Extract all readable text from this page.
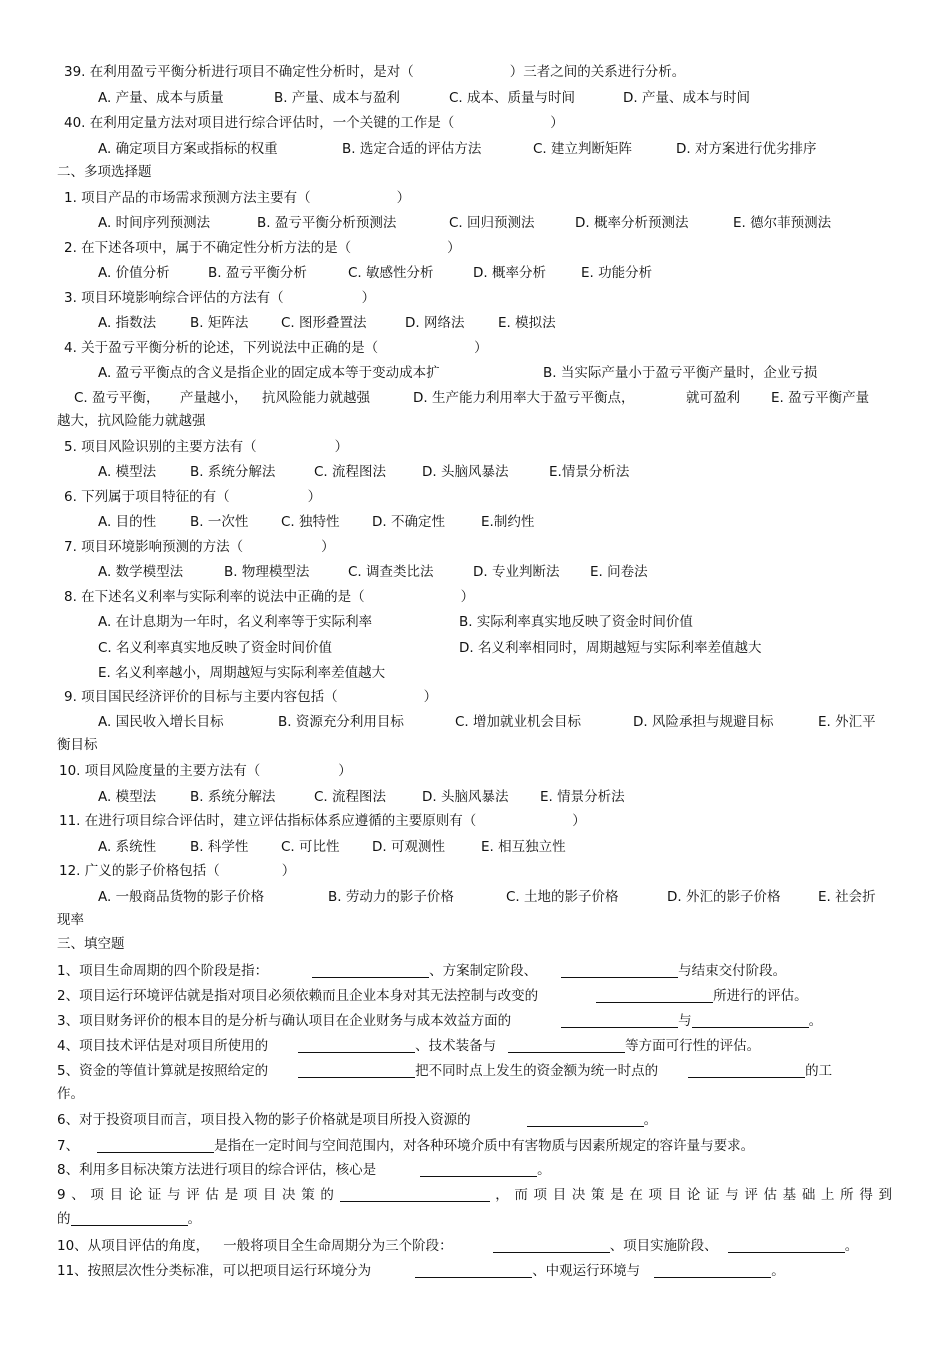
39. 在利用盈亏平衡分析进行项目不确定性分析时，是对（	）三者之间的关系进行分析。
A. 产量、成本与质量	B. 产量、成本与盈利	C. 成本、质量与时间	D. 产量、成本与时间
40. 在利用定量方法对项目进行综合评估时，一个关键的工作是（	）
A. 确定项目方案或指标的权重	B. 选定合适的评估方法	C. 建立判断矩阵	D. 对方案进行优劣排序
二、多项选择题
1. 项目产品的市场需求预测方法主要有（	）
A. 时间序列预测法	B. 盈亏平衡分析预测法	C. 回归预测法	D. 概率分析预测法	E. 德尔菲预测法
2. 在下述各项中，属于不确定性分析方法的是（	）
A. 价值分析	B. 盈亏平衡分析	C. 敏感性分析	D. 概率分析	E. 功能分析
3. 项目环境影响综合评估的方法有（	）
A. 指数法	B. 矩阵法 C. 图形叠置法	D. 网络法 E. 模拟法
4. 关于盈亏平衡分析的论述，下列说法中正确的是（	）
A. 盈亏平衡点的含义是指企业的固定成本等于变动成本扩	B. 当实际产量小于盈亏平衡产量时，企业亏损
C. 盈亏平衡， 产量越小， 抗风险能力就越强	D. 生产能力利用率大于盈亏平衡点，	就可盈利 E. 盈亏平衡产量
越大，抗风险能力就越强
5. 项目风险识别的主要方法有（	）
A. 模型法	B. 系统分解法	C. 流程图法	D. 头脑风暴法	E.情景分析法
6. 下列属于项目特征的有（	）
A. 目的性	B. 一次性 C. 独特性 D. 不确定性	E.制约性
7. 项目环境影响预测的方法（	）
A. 数学模型法	B. 物理模型法	C. 调查类比法	D. 专业判断法 E. 问卷法
8. 在下述名义利率与实际利率的说法中正确的是（	）
A. 在计息期为一年时，名义利率等于实际利率	B. 实际利率真实地反映了资金时间价值
C. 名义利率真实地反映了资金时间价值	D. 名义利率相同时，周期越短与实际利率差值越大
E. 名义利率越小，周期越短与实际利率差值越大
9. 项目国民经济评价的目标与主要内容包括（	）
A. 国民收入增长目标	B. 资源充分利用目标	C. 增加就业机会目标	D. 风险承担与规避目标	E. 外汇平
衡目标
10. 项目风险度量的主要方法有（	）
A. 模型法	B. 系统分解法	C. 流程图法	D. 头脑风暴法 E. 情景分析法
11. 在进行项目综合评估时，建立评估指标体系应遵循的主要原则有（	）
A. 系统性	B. 科学性 C. 可比性 D. 可观测性	E. 相互独立性
12. 广义的影子价格包括（	）
A. 一般商品货物的影子价格	B. 劳动力的影子价格	C. 土地的影子价格	D. 外汇的影子价格	E. 社会折
现率
三、填空题
1、项目生命周期的四个阶段是指：	、方案制定阶段、	与结束交付阶段。
2、项目运行环境评估就是指对项目必须依赖而且企业本身对其无法控制与改变的	所进行的评估。
3、项目财务评价的根本目的是分析与确认项目在企业财务与成本效益方面的	与	。
4、项目技术评估是对项目所使用的	、技术装备与	等方面可行性的评估。
5、资金的等值计算就是按照给定的	把不同时点上发生的资金额为统一时点的	的工
作。
6、对于投资项目而言，项目投入物的影子价格就是项目所投入资源的	。
7、	是指在一定时间与空间范围内，对各种环境介质中有害物质与因素所规定的容许量与要求。
8、利用多目标决策方法进行项目的综合评估，核心是	。
9、项目论证与评估是项目决策的	，而项目决策是在项目论证与评估基础上所得到
的	。
10、从项目评估的角度， 一般将项目全生命周期分为三个阶段：	、项目实施阶段、	。
11、按照层次性分类标准，可以把项目运行环境分为	、中观运行环境与	。
